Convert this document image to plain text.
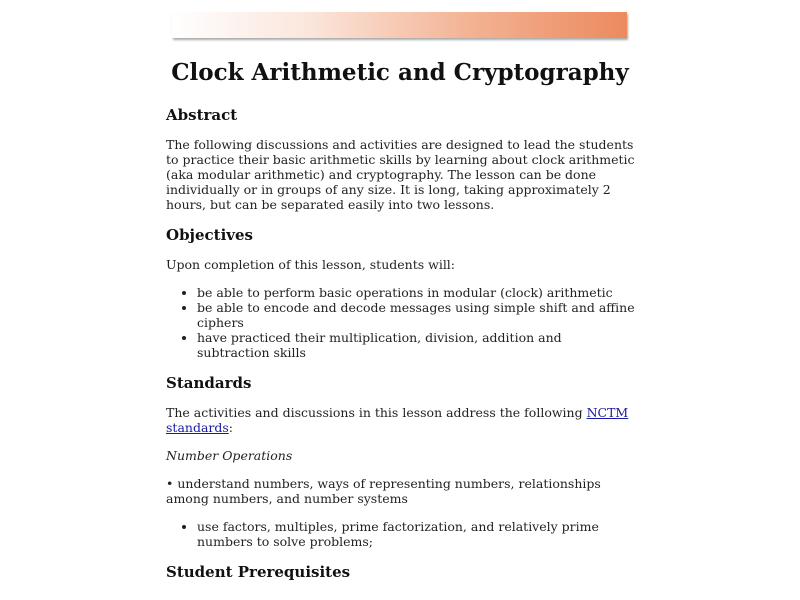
Clock Arithmetic and Cryptography
Abstract

The following discussions and activities are designed to lead the students to practice their basic arithmetic skills by learning about clock arithmetic (aka modular arithmetic) and cryptography. The lesson can be done individually or in groups of any size. It is long, taking approximately 2 hours, but can be separated easily into two lessons.

Objectives

Upon completion of this lesson, students will:

• be able to perform basic operations in modular (clock) arithmetic
• be able to encode and decode messages using simple shift and affine ciphers
• have practiced their multiplication, division, addition and subtraction skills
Standards

The activities and discussions in this lesson address the following NCTM standards:

Number Operations

• understand numbers, ways of representing numbers, relationships among numbers, and number systems

• use factors, multiples, prime factorization, and relatively prime numbers to solve problems;
Student Prerequisites
